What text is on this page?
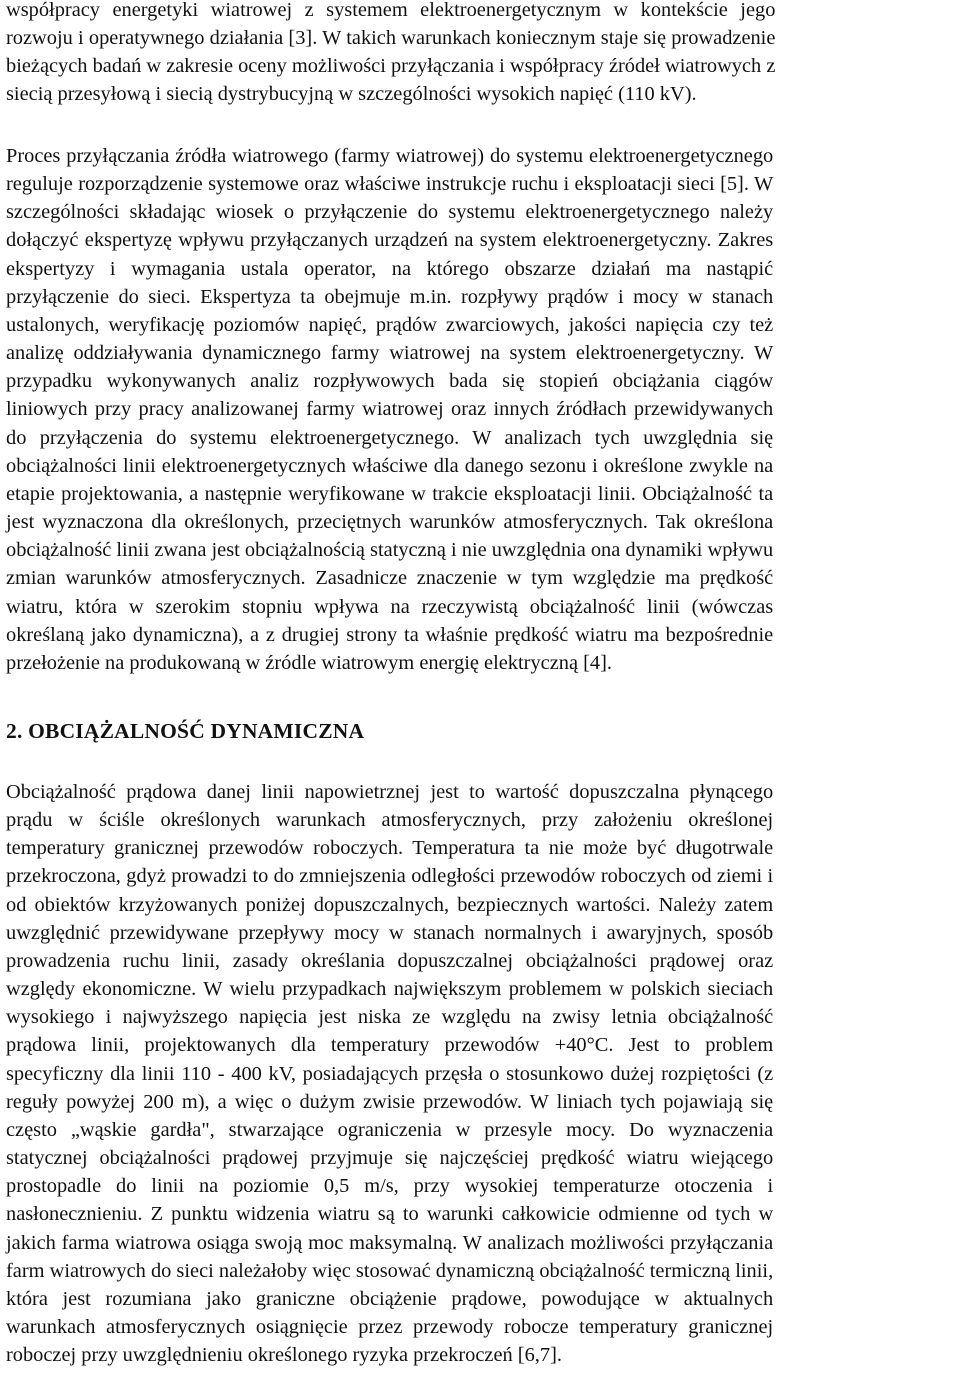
współpracy energetyki wiatrowej z systemem elektroenergetycznym w kontekście jego
rozwoju i operatywnego działania [3]. W takich warunkach koniecznym staje się prowadzenie
bieżących badań w zakresie oceny możliwości przyłączania i współpracy źródeł wiatrowych z
siecią przesyłową i siecią dystrybucyjną w szczególności wysokich napięć (110 kV).
Proces przyłączania źródła wiatrowego (farmy wiatrowej) do systemu elektroenergetycznego
reguluje rozporządzenie systemowe oraz właściwe instrukcje ruchu i eksploatacji sieci [5]. W
szczególności składając wiosek o przyłączenie do systemu elektroenergetycznego należy
dołączyć ekspertyzę wpływu przyłączanych urządzeń na system elektroenergetyczny. Zakres
ekspertyzy i wymagania ustala operator, na którego obszarze działań ma nastąpić
przyłączenie do sieci. Ekspertyza ta obejmuje m.in. rozpływy prądów i mocy w stanach
ustalonych, weryfikację poziomów napięć, prądów zwarciowych, jakości napięcia czy też
analizę oddziaływania dynamicznego farmy wiatrowej na system elektroenergetyczny. W
przypadku wykonywanych analiz rozpływowych bada się stopień obciążania ciągów
liniowych przy pracy analizowanej farmy wiatrowej oraz innych źródłach przewidywanych
do przyłączenia do systemu elektroenergetycznego. W analizach tych uwzględnia się
obciążalności linii elektroenergetycznych właściwe dla danego sezonu i określone zwykle na
etapie projektowania, a następnie weryfikowane w trakcie eksploatacji linii. Obciążalność ta
jest wyznaczona dla określonych, przeciętnych warunków atmosferycznych. Tak określona
obciążalność linii zwana jest obciążalnością statyczną i nie uwzględnia ona dynamiki wpływu
zmian warunków atmosferycznych. Zasadnicze znaczenie w tym względzie ma prędkość
wiatru, która w szerokim stopniu wpływa na rzeczywistą obciążalność linii (wówczas
określaną jako dynamiczna), a z drugiej strony ta właśnie prędkość wiatru ma bezpośrednie
przełożenie na produkowaną w źródle wiatrowym energię elektryczną [4].
2. OBCIĄŻALNOŚĆ DYNAMICZNA
Obciążalność prądowa danej linii napowietrznej jest to wartość dopuszczalna płynącego
prądu w ściśle określonych warunkach atmosferycznych, przy założeniu określonej
temperatury granicznej przewodów roboczych. Temperatura ta nie może być długotrwale
przekroczona, gdyż prowadzi to do zmniejszenia odległości przewodów roboczych od ziemi i
od obiektów krzyżowanych poniżej dopuszczalnych, bezpiecznych wartości. Należy zatem
uwzględnić przewidywane przepływy mocy w stanach normalnych i awaryjnych, sposób
prowadzenia ruchu linii, zasady określania dopuszczalnej obciążalności prądowej oraz
względy ekonomiczne. W wielu przypadkach największym problemem w polskich sieciach
wysokiego i najwyższego napięcia jest niska ze względu na zwisy letnia obciążalność
prądowa linii, projektowanych dla temperatury przewodów +40°C. Jest to problem
specyficzny dla linii 110 - 400 kV, posiadających przęsła o stosunkowo dużej rozpiętości (z
reguły powyżej 200 m), a więc o dużym zwisie przewodów. W liniach tych pojawiają się
często „wąskie gardła", stwarzające ograniczenia w przesyle mocy. Do wyznaczenia
statycznej obciążalności prądowej przyjmuje się najczęściej prędkość wiatru wiejącego
prostopadle do linii na poziomie 0,5 m/s, przy wysokiej temperaturze otoczenia i
nasłonecznieniu. Z punktu widzenia wiatru są to warunki całkowicie odmienne od tych w
jakich farma wiatrowa osiąga swoją moc maksymalną. W analizach możliwości przyłączania
farm wiatrowych do sieci należałoby więc stosować dynamiczną obciążalność termiczną linii,
która jest rozumiana jako graniczne obciążenie prądowe, powodujące w aktualnych
warunkach atmosferycznych osiągnięcie przez przewody robocze temperatury granicznej
roboczej przy uwzględnieniu określonego ryzyka przekroczeń [6,7].
